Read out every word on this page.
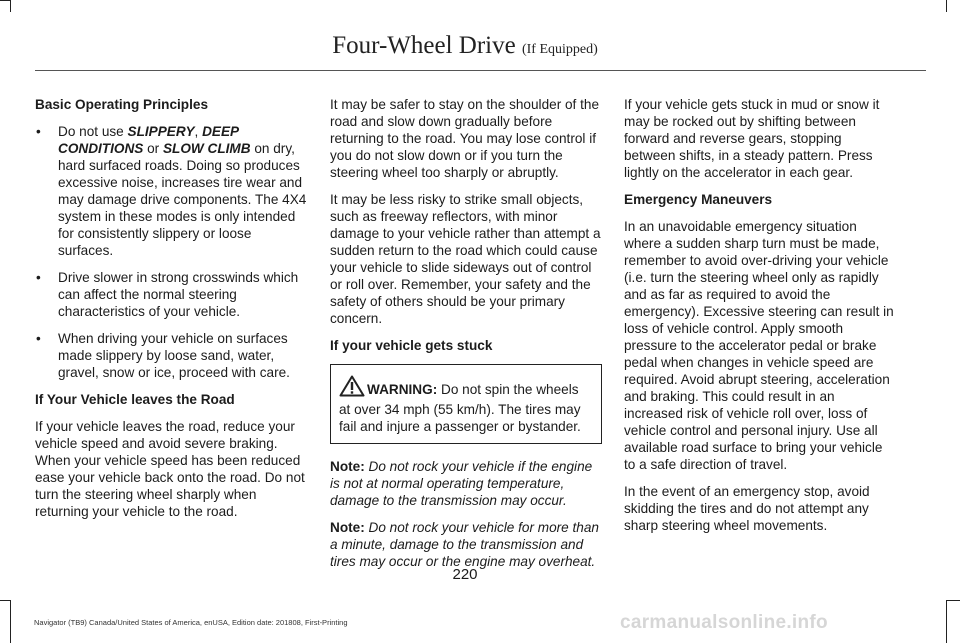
Four-Wheel Drive (If Equipped)
Basic Operating Principles
• Do not use SLIPPERY, DEEP CONDITIONS or SLOW CLIMB on dry, hard surfaced roads. Doing so produces excessive noise, increases tire wear and may damage drive components. The 4X4 system in these modes is only intended for consistently slippery or loose surfaces.
• Drive slower in strong crosswinds which can affect the normal steering characteristics of your vehicle.
• When driving your vehicle on surfaces made slippery by loose sand, water, gravel, snow or ice, proceed with care.
If Your Vehicle leaves the Road

If your vehicle leaves the road, reduce your vehicle speed and avoid severe braking. When your vehicle speed has been reduced ease your vehicle back onto the road. Do not turn the steering wheel sharply when returning your vehicle to the road.

It may be safer to stay on the shoulder of the road and slow down gradually before returning to the road. You may lose control if you do not slow down or if you turn the steering wheel too sharply or abruptly.

It may be less risky to strike small objects, such as freeway reflectors, with minor damage to your vehicle rather than attempt a sudden return to the road which could cause your vehicle to slide sideways out of control or roll over. Remember, your safety and the safety of others should be your primary concern.

If your vehicle gets stuck
WARNING: Do not spin the wheels at over 34 mph (55 km/h). The tires may fail and injure a passenger or bystander.

Note: Do not rock your vehicle if the engine is not at normal operating temperature, damage to the transmission may occur.

Note: Do not rock your vehicle for more than a minute, damage to the transmission and tires may occur or the engine may overheat.

If your vehicle gets stuck in mud or snow it may be rocked out by shifting between forward and reverse gears, stopping between shifts, in a steady pattern. Press lightly on the accelerator in each gear.

Emergency Maneuvers

In an unavoidable emergency situation where a sudden sharp turn must be made, remember to avoid over-driving your vehicle (i.e. turn the steering wheel only as rapidly and as far as required to avoid the emergency). Excessive steering can result in loss of vehicle control. Apply smooth pressure to the accelerator pedal or brake pedal when changes in vehicle speed are required. Avoid abrupt steering, acceleration and braking. This could result in an increased risk of vehicle roll over, loss of vehicle control and personal injury. Use all available road surface to bring your vehicle to a safe direction of travel.

In the event of an emergency stop, avoid skidding the tires and do not attempt any sharp steering wheel movements.

220
Navigator (TB9) Canada/United States of America, enUSA, Edition date: 201808, First-Printing	carmanualsonline.info
